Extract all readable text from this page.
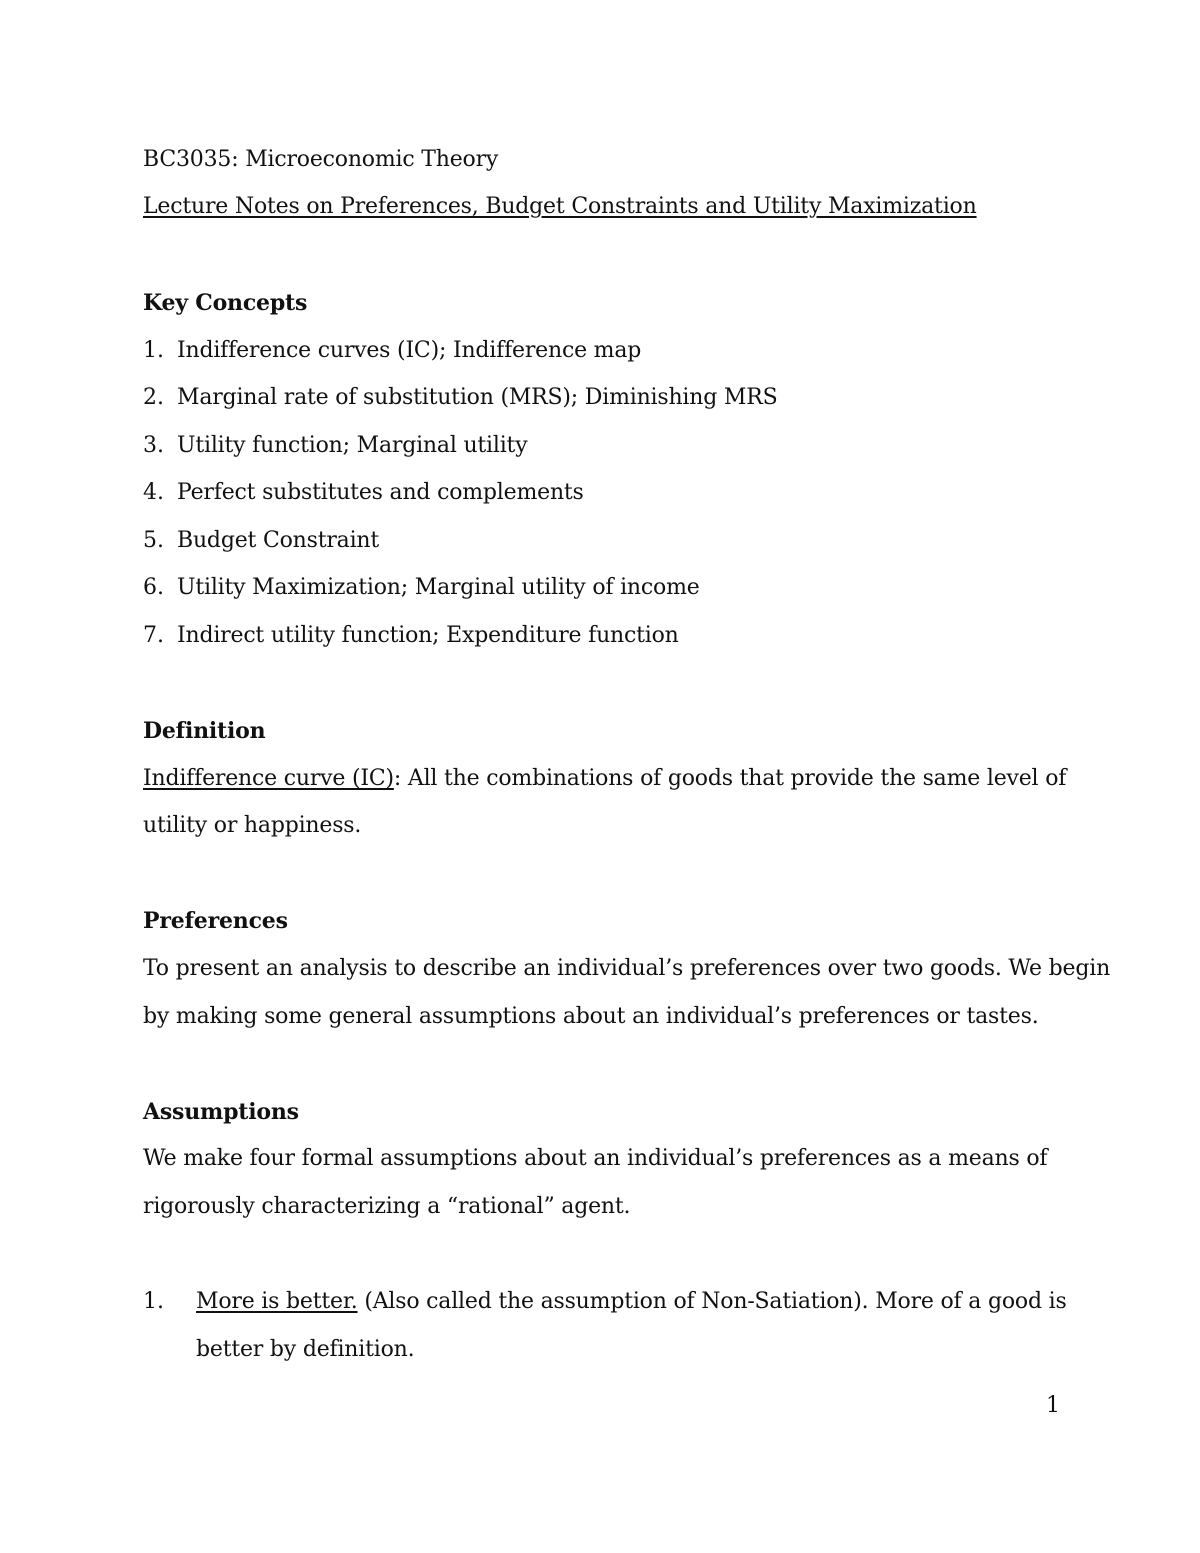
BC3035: Microeconomic Theory
Lecture Notes on Preferences, Budget Constraints and Utility Maximization
Key Concepts
1. Indifference curves (IC); Indifference map
2. Marginal rate of substitution (MRS); Diminishing MRS
3. Utility function; Marginal utility
4. Perfect substitutes and complements
5. Budget Constraint
6. Utility Maximization; Marginal utility of income
7. Indirect utility function; Expenditure function
Definition
Indifference curve (IC): All the combinations of goods that provide the same level of
utility or happiness.
Preferences
To present an analysis to describe an individual’s preferences over two goods. We begin
by making some general assumptions about an individual’s preferences or tastes.
Assumptions
We make four formal assumptions about an individual’s preferences as a means of
rigorously characterizing a “rational” agent.
1. More is better. (Also called the assumption of Non-Satiation). More of a good is
better by definition.
1
